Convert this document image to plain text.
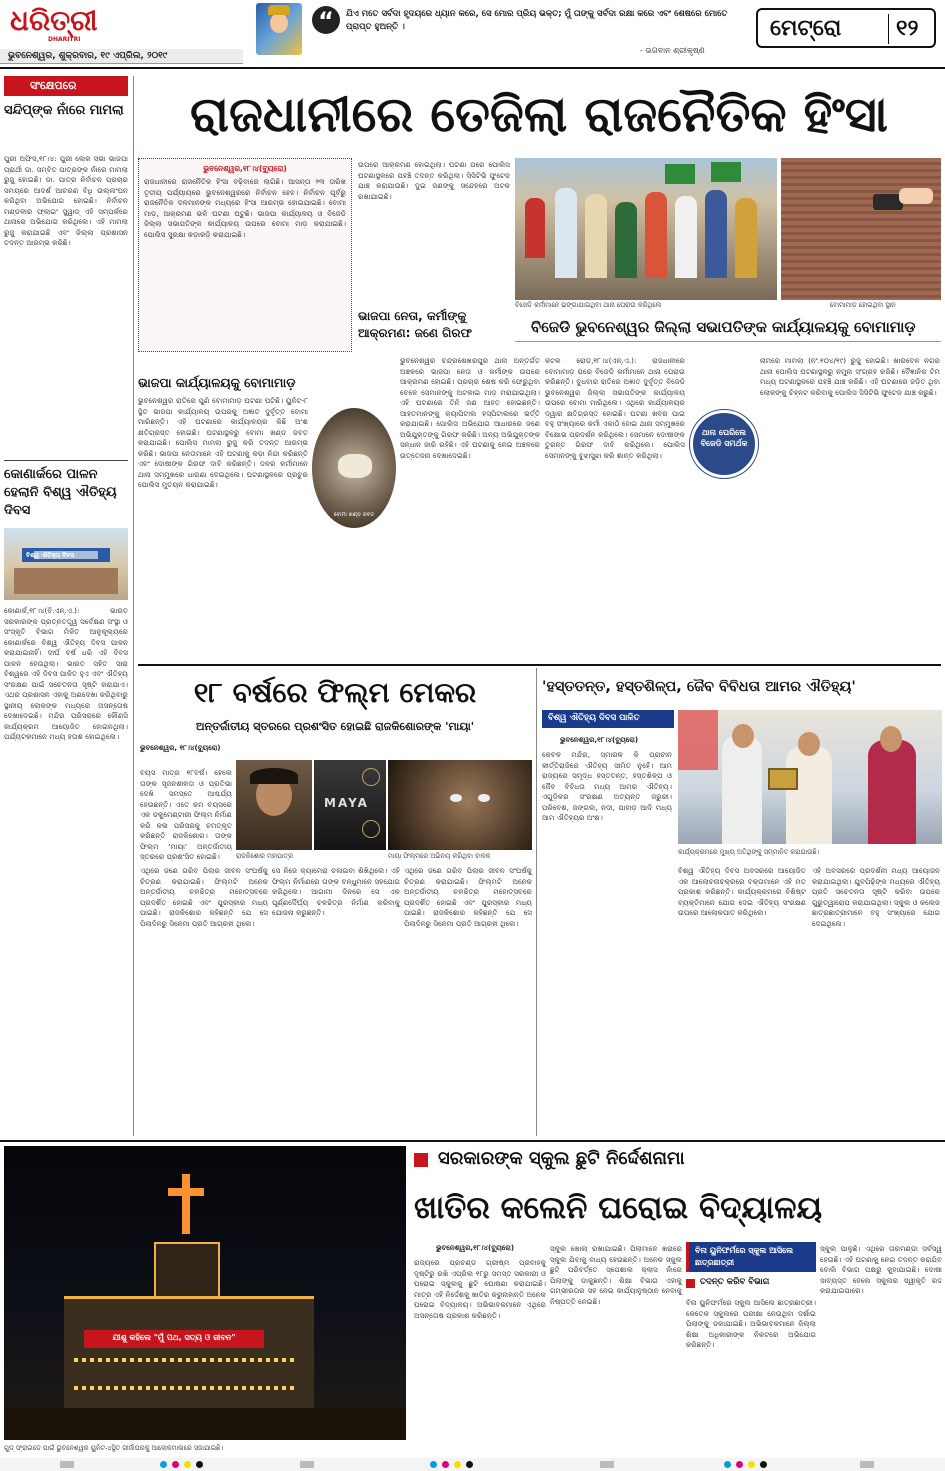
ଧରିତ୍ରୀ
DHARITRI
ଭୁବନେଶ୍ୱର, ଶୁକ୍ରବାର, ୧୯ ଏପ୍ରିଲ, ୨୦୧୯
“	ଯିଏ ମତେ ସର୍ବଦା ହୃଦୟରେ ଧ୍ୟାନ କରେ, ସେ ମୋର ପ୍ରିୟ ଭକ୍ତ; ମୁଁ ତାଙ୍କୁ ସର୍ବଦା ରକ୍ଷା କରେ ଏବଂ ଶେଷରେ ମୋତେ ପ୍ରାପ୍ତ ହୁଅନ୍ତି ।
- ଭଗବାନ ଶ୍ରୀକୃଷ୍ଣ
ମେଟ୍ରୋ ୧୨
ସଂକ୍ଷେପରେ
ସନ୍ଦିପ୍‌ଙ୍କ ନାଁରେ ମାମଲା
ପୁରୀ ଅଫିସ,୧୮।୪: ପୁରୀ ଲୋକ ସଭା ଭାଜପା ପ୍ରାର୍ଥୀ ଡା. ସମ୍ବିତ ପାତ୍ରଙ୍କ ନାଁରେ ମାମଲା ରୁଜୁ ହୋଇଛି। ଡା. ପାତ୍ର ନିର୍ବାଚନ ପ୍ରଚାର ସମୟରେ ଆଦର୍ଶ ଆଚରଣ ବିଧି ଉଲ୍ଲଂଘନ କରିଥିବା ଅଭିଯୋଗ ହୋଇଛି। ନିର୍ବାଚନ ମଣ୍ଡଳୀର ଫ୍ଲାଇଂ ସ୍କ୍ୱାଡ୍ ଏହି ସମ୍ପର୍କରେ ଥାନାରେ ଅଭିଯୋଗ କରିଥିଲେ। ଏହି ମାମଲା ରୁଜୁ କରାଯାଇଛି ଏବଂ ଜିଲ୍ଲା ପ୍ରଶାସନ ତଦନ୍ତ ଆରମ୍ଭ କରିଛି।
କୋଣାର୍କରେ ପାଳନ ହେଲାନି ବିଶ୍ୱ ଐତିହ୍ୟ ଦିବସ
ବିଶ୍ୱ ଐତିହ୍ୟ ଦିବସ
କୋଣାର୍କ,୧୮।୪(ବି.ଏନ୍.ଏ.): ଭାରତ ସରକାରଙ୍କ ପ୍ରତ୍ନତତ୍ତ୍ୱ ସର୍ବେକ୍ଷଣ ସଂସ୍ଥା ଓ ସଂସ୍କୃତି ବିଭାଗ ମିଳିତ ଆନୁକୂଲ୍ୟରେ କୋଣାର୍କରେ ବିଶ୍ୱ ଐତିହ୍ୟ ଦିବସ ପାଳନ କରାଯାଇନାହିଁ। ଦୀର୍ଘ ବର୍ଷ ଧରି ଏହି ଦିବସ ପାଳନ ହେଉଥିଲା। ଭାରତ ସହିତ ସାରା ବିଶ୍ୱରେ ଏହି ଦିବସ ପାଳିତ ହୁଏ ଏବଂ ଐତିହ୍ୟ ସଂରକ୍ଷଣ ପାଇଁ ସଚେତନତା ସୃଷ୍ଟି କରାଯାଏ। ଏଥର ପ୍ରଶାସନ ଏହାକୁ ଅଣଦେଖା କରିଥିବାରୁ ସ୍ଥାନୀୟ ଲୋକଙ୍କ ମଧ୍ୟରେ ଅସନ୍ତୋଷ ଦେଖାଦେଇଛି। ମନ୍ଦିର ପରିସରରେ କୌଣସି କାର୍ଯ୍ୟକ୍ରମ ଆୟୋଜିତ ହୋଇନଥିଲା। ପର୍ଯ୍ୟଟକମାନେ ମଧ୍ୟ ହତାଶ ହୋଇଥିଲେ।
ରାଜଧାନୀରେ ତେଜିଲା ରାଜନୈତିକ ହିଂସା
ଭୁବନେଶ୍ୱର,୧୮।୪(ବ୍ୟୁରୋ)
ରାଜଧାନୀରେ ରାଜନୈତିକ ହିଂସା ବଢ଼ିବାରେ ଲାଗିଛି। ଆସନ୍ତା ୨୩ ତାରିଖ ତୃତୀୟ ପର୍ଯ୍ୟାୟରେ ଭୁବନେଶ୍ୱରରେ ନିର୍ବାଚନ ହେବ। ନିର୍ବାଚନ ପୂର୍ବରୁ ରାଜନୈତିକ ଦଳମାନଙ୍କ ମଧ୍ୟରେ ହିଂସା ଆରମ୍ଭ ହୋଇଯାଇଛି। ବୋମା ମାଡ଼, ଆକ୍ରମଣ ଭଳି ଘଟଣା ଘଟୁଛି। ଭାଜପା କାର୍ଯ୍ୟାଳୟ ଓ ବିଜେଡି ଜିଲ୍ଲା ସଭାପତିଙ୍କ କାର୍ଯ୍ୟାଳୟ ଉପରେ ବୋମା ମାଡ଼ କରାଯାଇଛି। ପୋଲିସ ସୁରକ୍ଷା କଡ଼ାକଡ଼ି କରାଯାଇଛି।
ଉପରେ ଆକ୍ରମଣ ହୋଇଥିଲା। ଘଟଣା ପରେ ପୋଲିସ ଘଟଣାସ୍ଥଳରେ ପହଞ୍ଚି ତଦନ୍ତ କରିଥିଲା। ସିସିଟିଭି ଫୁଟେଜ ଯାଞ୍ଚ କରାଯାଉଛି। ଦୁଇ ଜଣଙ୍କୁ ସନ୍ଦେହରେ ଅଟକ ରଖାଯାଇଛି।
ଭାଜପା ନେତା, କର୍ମୀଙ୍କୁ ଆକ୍ରମଣ: ଜଣେ ଗିରଫ
ବିଜେଡି କର୍ମୀମାନେ ଭଙ୍ଗାଯାଇଥିବା ଥାନା ଘେରାଉ କରିଥିଲେ	ବୋମାମାଡ଼ ହୋଇଥିବା ସ୍ଥାନ
ବିଜେଡି ଭୁବନେଶ୍ୱର ଜିଲ୍ଲା ସଭାପତିଙ୍କ କାର୍ଯ୍ୟାଳୟକୁ ବୋମାମାଡ଼
ଭାଜପା କାର୍ଯ୍ୟାଳୟକୁ ବୋମାମାଡ଼
ଭୁବନେଶ୍ୱର ରାତିରେ ପୁଣି ବୋମାମାଡ଼ ଘଟଣା ଘଟିଛି। ୟୁନିଟ-୮ ସ୍ଥିତ ଭାଜପା କାର୍ଯ୍ୟାଳୟ ଉପରକୁ ଅଜ୍ଞାତ ଦୁର୍ବୃତ୍ତ ବୋମା ମାରିଛନ୍ତି। ଏହି ଘଟଣାରେ କାର୍ଯ୍ୟାଳୟର କିଛି ଅଂଶ କ୍ଷତିଗ୍ରସ୍ତ ହୋଇଛି। ଘଟଣାସ୍ଥଳରୁ ବୋମା ଖଣ୍ଡ ଜବତ କରାଯାଇଛି। ପୋଲିସ ମାମଲା ରୁଜୁ କରି ତଦନ୍ତ ଆରମ୍ଭ କରିଛି। ଭାଜପା ନେତାମାନେ ଏହି ଘଟଣାକୁ କଡ଼ା ନିନ୍ଦା କରିଛନ୍ତି ଏବଂ ଦୋଷୀଙ୍କ ଗିରଫ ଦାବି କରିଛନ୍ତି। ଦଳର କର୍ମୀମାନେ ଥାନା ସମ୍ମୁଖରେ ଧାରଣା ଦେଇଥିଲେ। ଘଟଣାସ୍ଥଳରେ ପ୍ରଚୁର ପୋଲିସ ମୁତୟନ କରାଯାଇଛି।
ବୋମା ଖଣ୍ଡ ଜବତ
ଭୁବନେଶ୍ୱର ଚନ୍ଦ୍ରଶେଖରପୁର ଥାନା ଅନ୍ତର୍ଗତ ଅଞ୍ଚଳରେ ଭାଜପା ନେତା ଓ କର୍ମୀଙ୍କ ଉପରେ ଆକ୍ରମଣ ହୋଇଛି। ପ୍ରଚାର ଶେଷ କରି ଫେରୁଥିବା ବେଳେ ସେମାନଙ୍କୁ ଅଟକାଇ ମାଡ଼ ମରାଯାଇଥିଲା। ଏହି ଘଟଣାରେ ତିନି ଜଣ ଆହତ ହୋଇଛନ୍ତି। ଆହତମାନଙ୍କୁ କ୍ୟାପିଟାଲ ହସ୍ପିଟାଲରେ ଭର୍ତ୍ତି କରାଯାଇଛି। ପୋଲିସ ଅଭିଯୋଗ ଆଧାରରେ ଜଣେ ଅଭିଯୁକ୍ତଙ୍କୁ ଗିରଫ କରିଛି। ଅନ୍ୟ ଅଭିଯୁକ୍ତଙ୍କ ସନ୍ଧାନ ଜାରି ରହିଛି। ଏହି ଘଟଣାକୁ ନେଇ ଅଞ୍ଚଳରେ ଉତ୍ତେଜନା ଦେଖାଦେଇଛି।
କଟକ ରୋଡ,୧୮।୪(ଏନ୍.ଏ.): ରାଜଧାନୀରେ ବୋମାମାଡ଼ ପରେ ବିଜେଡି କର୍ମୀମାନେ ଥାନା ଘେରାଉ କରିଛନ୍ତି। ବୁଧବାର ରାତିରେ ଅଜ୍ଞାତ ଦୁର୍ବୃତ୍ତ ବିଜେଡି ଭୁବନେଶ୍ୱର ଜିଲ୍ଲା ସଭାପତିଙ୍କ କାର୍ଯ୍ୟାଳୟ ଉପରେ ବୋମା ମାରିଥିଲେ। ଏଥିରେ କାର୍ଯ୍ୟାଳୟର ଦ୍ୱାର କ୍ଷତିଗ୍ରସ୍ତ ହୋଇଛି। ଘଟଣା ଖବର ପାଇ ବହୁ ସଂଖ୍ୟାରେ କର୍ମୀ ଏକାଠି ହୋଇ ଥାନା ସମ୍ମୁଖରେ ବିକ୍ଷୋଭ ପ୍ରଦର୍ଶନ କରିଥିଲେ। ସେମାନେ ଦୋଷୀଙ୍କ ତୁରନ୍ତ ଗିରଫ ଦାବି କରିଥିଲେ। ପୋଲିସ ସେମାନଙ୍କୁ ବୁଝାସୁଝା କରି ଶାନ୍ତ କରିଥିଲା।
ଥାନା ଘେରିଲେ ବିଜେଡି ସମର୍ଥକ
ନାମରେ ମାମଲା (ନଂ.୧୦୪/୧୯) ରୁଜୁ ହୋଇଛି। ଖାରବେଳ ନଗର ଥାନା ପୋଲିସ ଘଟଣାସ୍ଥଳରୁ ନମୁନା ସଂଗ୍ରହ କରିଛି। ବୈଜ୍ଞାନିକ ଟିମ ମଧ୍ୟ ଘଟଣାସ୍ଥଳରେ ପହଞ୍ଚି ଯାଞ୍ଚ କରିଛି। ଏହି ଘଟଣାରେ ଜଡ଼ିତ ଥିବା ଲୋକଙ୍କୁ ଚିହ୍ନଟ କରିବାକୁ ପୋଲିସ ସିସିଟିଭି ଫୁଟେଜ ଯାଞ୍ଚ କରୁଛି।
୧୮ ବର୍ଷରେ ଫିଲ୍ମ ମେକର
ଅନ୍ତର୍ଜାତୀୟ ସ୍ତରରେ ପ୍ରଶଂସିତ ହୋଇଛି ରାଜକିଶୋରଙ୍କ 'ମାୟା'
ଭୁବନେଶ୍ୱର, ୧୮।୪(ବ୍ୟୁରୋ)
ବୟସ ମାତ୍ର ୧୮ବର୍ଷ। ହେଲେ ତାଙ୍କ ସୃଜନଶୀଳତା ଓ ପ୍ରତିଭା ଦେଖି ସମସ୍ତେ ଆଶ୍ଚର୍ଯ୍ୟ ହେଉଛନ୍ତି। ଏତେ କମ ବୟସରେ ଏକ ଡକୁମେଣ୍ଟାରୀ ଫିଲ୍ମ ନିର୍ମାଣ କରି କଳା ପରିସରକୁ ଚମତ୍କୃତ କରିଛନ୍ତି ରାଜକିଶୋର। ତାଙ୍କ ଫିଲ୍ମ 'ମାୟା' ଅନ୍ତର୍ଜାତୀୟ ସ୍ତରରେ ପ୍ରଶଂସିତ ହୋଇଛି।
MAYA
ରାଜକିଶୋର ମହାପାତ୍ର	ମାୟା ଫିଲ୍ମରେ ଅଭିନୟ କରିଥିବା ବାଳକ
ଏଥିରେ ଜଣେ ଗରିବ ପିଲାର ଜୀବନ ସଂଘର୍ଷକୁ ଚିତ୍ରଣ କରାଯାଇଛି। ଫିଲ୍ମଟି ଅନେକ ଅନ୍ତର୍ଜାତୀୟ ଚଳଚ୍ଚିତ୍ର ମହୋତ୍ସବରେ ପ୍ରଦର୍ଶିତ ହୋଇଛି ଏବଂ ପୁରସ୍କାର ମଧ୍ୟ ପାଇଛି। ରାଜକିଶୋର କହିଛନ୍ତି ଯେ ସେ ପିଲାଦିନରୁ ସିନେମା ପ୍ରତି ଆଗ୍ରହୀ ଥିଲେ।
ସେ ନିଜେ କ୍ୟାମେରା ଚଳାଇବା ଶିଖିଥିଲେ। ଏହି ଫିଲ୍ମ ନିର୍ମାଣରେ ତାଙ୍କ ବନ୍ଧୁମାନେ ସହଯୋଗ କରିଥିଲେ। ଆଗାମୀ ଦିନରେ ସେ ଏକ ପୂର୍ଣ୍ଣଦୈର୍ଘ୍ୟ ଚଳଚ୍ଚିତ୍ର ନିର୍ମାଣ କରିବାକୁ ଯୋଜନା କରୁଛନ୍ତି।
ଏଥିରେ ଜଣେ ଗରିବ ପିଲାର ଜୀବନ ସଂଘର୍ଷକୁ ଚିତ୍ରଣ କରାଯାଇଛି। ଫିଲ୍ମଟି ଅନେକ ଅନ୍ତର୍ଜାତୀୟ ଚଳଚ୍ଚିତ୍ର ମହୋତ୍ସବରେ ପ୍ରଦର୍ଶିତ ହୋଇଛି ଏବଂ ପୁରସ୍କାର ମଧ୍ୟ ପାଇଛି। ରାଜକିଶୋର କହିଛନ୍ତି ଯେ ସେ ପିଲାଦିନରୁ ସିନେମା ପ୍ରତି ଆଗ୍ରହୀ ଥିଲେ।
'ହସ୍ତତନ୍ତ, ହସ୍ତଶିଳ୍ପ, ଜୈବ ବିବିଧତା ଆମର ଐତିହ୍ୟ'
ବିଶ୍ୱ ଐତିହ୍ୟ ଦିବସ ପାଳିତ
ଭୁବନେଶ୍ୱର,୧୮।୪(ବ୍ୟୁରୋ)
କାର୍ଯ୍ୟକ୍ରମରେ ମୁଖ୍ୟ ଅତିଥିଙ୍କୁ ସମ୍ମାନିତ କରାଯାଉଛି।
କେବଳ ମନ୍ଦିର, ସ୍ମାରକ କି ପ୍ରାଚୀନ କୀର୍ତ୍ତିରାଜିରେ ଐତିହ୍ୟ ସୀମିତ ନୁହେଁ। ଆମ ରାଜ୍ୟରେ ସମୃଦ୍ଧ ହସ୍ତତନ୍ତ, ହସ୍ତଶିଳ୍ପ ଓ ଜୈବ ବିବିଧତା ମଧ୍ୟ ଆମର ଐତିହ୍ୟ। ଏଗୁଡ଼ିକର ସଂରକ୍ଷଣ ଅତ୍ୟନ୍ତ ଜରୁରୀ। ପରିବେଶ, ଜଙ୍ଗଲ, ନଦୀ, ପାହାଡ଼ ଆଦି ମଧ୍ୟ ଆମ ଐତିହ୍ୟର ଅଂଶ।
ବିଶ୍ୱ ଐତିହ୍ୟ ଦିବସ ଅବସରରେ ଆୟୋଜିତ ଏକ ଆଲୋଚନାଚକ୍ରରେ ବକ୍ତାମାନେ ଏହି ମତ ପ୍ରକାଶ କରିଛନ୍ତି। କାର୍ଯ୍ୟକ୍ରମରେ ବିଶିଷ୍ଟ ବ୍ୟକ୍ତିମାନେ ଯୋଗ ଦେଇ ଐତିହ୍ୟ ସଂରକ୍ଷଣ ଉପରେ ଆଲୋକପାତ କରିଥିଲେ।
ଏହି ଅବସରରେ ପ୍ରଦର୍ଶନୀ ମଧ୍ୟ ଆୟୋଜନ କରାଯାଇଥିଲା। ଯୁବପିଢ଼ିଙ୍କ ମଧ୍ୟରେ ଐତିହ୍ୟ ପ୍ରତି ସଚେତନତା ସୃଷ୍ଟି କରିବା ଉପରେ ଗୁରୁତ୍ୱାରୋପ କରାଯାଇଥିଲା। ସ୍କୁଲ ଓ କଲେଜ ଛାତ୍ରଛାତ୍ରୀମାନେ ବହୁ ସଂଖ୍ୟାରେ ଯୋଗ ଦେଇଥିଲେ।
ଯୀଶୁ କହିଲେ "ମୁଁ ପଥ, ସତ୍ୟ ଓ ଜୀବନ"
ଗୁଡ୍ ଫ୍ରାଇଡେ ପାଇଁ ଭୁବନେଶ୍ୱର ୟୁନିଟ-୪ସ୍ଥିତ ଗୀର୍ଜାଘରକୁ ଆଲୋକମାଳାରେ ସଜାଯାଇଛି।
ସରକାରଙ୍କ ସ୍କୁଲ ଛୁଟି ନିର୍ଦ୍ଦେଶନାମା
ଖାତିର କଲେନି ଘରୋଇ ବିଦ୍ୟାଳୟ
ଭୁବନେଶ୍ୱର,୧୮।୪(ବ୍ୟୁରୋ)
ରାଜ୍ୟରେ ପ୍ରଚଣ୍ଡ ଗ୍ରୀଷ୍ମ ପ୍ରବାହକୁ ଦୃଷ୍ଟିରୁ ରଖି ଏପ୍ରିଲ ୧୮ରୁ ସମସ୍ତ ସରକାରୀ ଓ ଘରୋଇ ସ୍କୁଲକୁ ଛୁଟି ଘୋଷଣା କରାଯାଇଛି। ମାତ୍ର ଏହି ନିର୍ଦ୍ଦେଶକୁ ଖାତିର କରୁନାହାନ୍ତି ଅନେକ ଘରୋଇ ବିଦ୍ୟାଳୟ। ଅଭିଭାବକମାନେ ଏଥିରେ ଅସନ୍ତୋଷ ପ୍ରକାଶ କରିଛନ୍ତି।
ସ୍କୁଲ ଖୋଲା ରଖାଯାଇଛି। ପିଲାମାନେ ଖରାରେ ସ୍କୁଲ ଯିବାକୁ ବାଧ୍ୟ ହେଉଛନ୍ତି। ଅନେକ ସ୍କୁଲ ଛୁଟି ପରିବର୍ତ୍ତେ ସ୍ପେଶାଲ କ୍ଲାସ ନାଁରେ ପିଲାଙ୍କୁ ଡାକୁଛନ୍ତି। ଶିକ୍ଷା ବିଭାଗ ଏହାକୁ ଗମ୍ଭୀରତାର ସହ ନେଇ କାର୍ଯ୍ୟାନୁଷ୍ଠାନ ନେବାକୁ ନିଷ୍ପତ୍ତି ନେଇଛି।
ବିନା ୟୁନିଫର୍ମରେ ସ୍କୁଲ ଆସିଲେ ଛାତ୍ରଛାତ୍ରୀ
ତଦନ୍ତ କରିବ ବିଭାଗ
ବିନା ୟୁନିଫର୍ମରେ ସ୍କୁଲ ଆସିଲେ ଛାତ୍ରଛାତ୍ରୀ। କେତେକ ସ୍କୁଲରେ ପରୀକ୍ଷା ନେଉଥିବା ଦର୍ଶାଇ ପିଲାଙ୍କୁ ଡକାଯାଇଛି। ଅଭିଭାବକମାନେ ଜିଲ୍ଲା ଶିକ୍ଷା ଅଧିକାରୀଙ୍କ ନିକଟରେ ଅଭିଯୋଗ କରିଛନ୍ତି।
ସ୍କୁଲ ପାଳୁଛି। ଏଥିରେ ତାରମଣ୍ଡା ସର୍ବସ୍ୱ ହେଉଛି। ଏହି ଘଟଣାକୁ ନେଇ ତଦନ୍ତ କରାଯିବ ବୋଲି ବିଭାଗ ପକ୍ଷରୁ କୁହାଯାଇଛି। ଦୋଷୀ ସାବ୍ୟସ୍ତ ହେଲେ ସ୍କୁଲର ସ୍ୱୀକୃତି ରଦ୍ଦ କରାଯାଇପାରେ।
